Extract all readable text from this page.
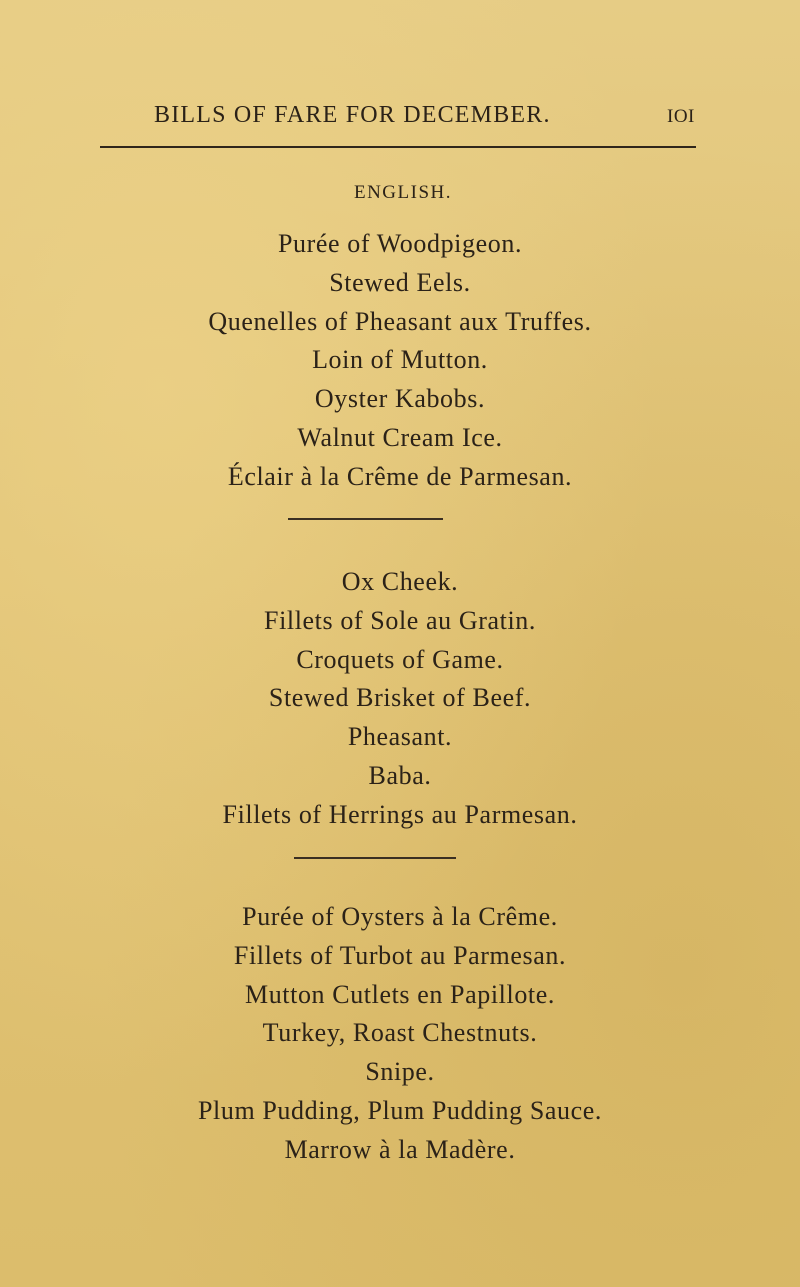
BILLS OF FARE FOR DECEMBER.	IOI
ENGLISH.
Purée of Woodpigeon.
Stewed Eels.
Quenelles of Pheasant aux Truffes.
Loin of Mutton.
Oyster Kabobs.
Walnut Cream Ice.
Éclair à la Crême de Parmesan.
Ox Cheek.
Fillets of Sole au Gratin.
Croquets of Game.
Stewed Brisket of Beef.
Pheasant.
Baba.
Fillets of Herrings au Parmesan.
Purée of Oysters à la Crême.
Fillets of Turbot au Parmesan.
Mutton Cutlets en Papillote.
Turkey, Roast Chestnuts.
Snipe.
Plum Pudding, Plum Pudding Sauce.
Marrow à la Madère.
